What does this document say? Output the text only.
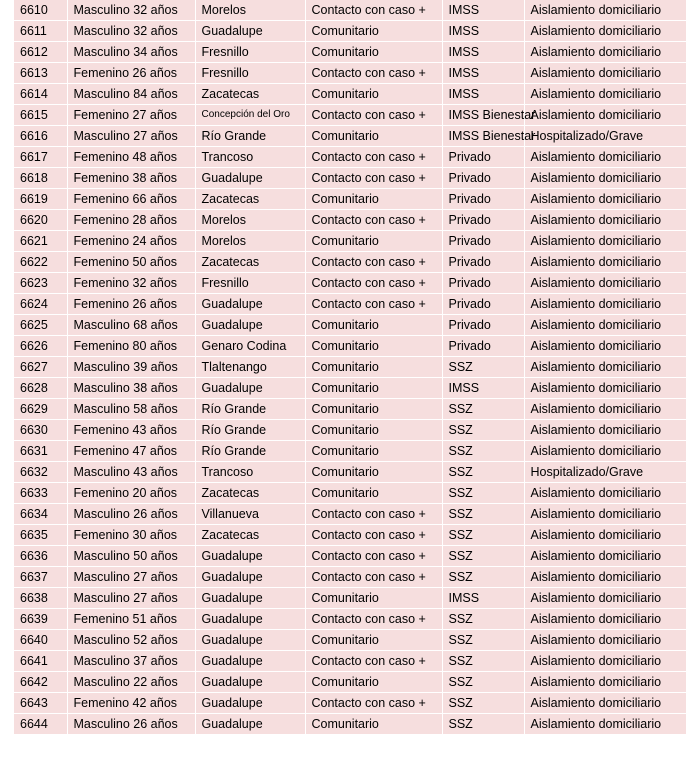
6610	Masculino 32 años	Morelos	Contacto con caso +	IMSS	Aislamiento domiciliario
6611	Masculino 32 años	Guadalupe	Comunitario	IMSS	Aislamiento domiciliario
6612	Masculino 34 años	Fresnillo	Comunitario	IMSS	Aislamiento domiciliario
6613	Femenino 26 años	Fresnillo	Contacto con caso +	IMSS	Aislamiento domiciliario
6614	Masculino 84 años	Zacatecas	Comunitario	IMSS	Aislamiento domiciliario
6615	Femenino 27 años	Concepción del Oro	Contacto con caso +	IMSS Bienestar	Aislamiento domiciliario
6616	Masculino 27 años	Río Grande	Comunitario	IMSS Bienestar	Hospitalizado/Grave
6617	Femenino 48 años	Trancoso	Contacto con caso +	Privado	Aislamiento domiciliario
6618	Femenino 38 años	Guadalupe	Contacto con caso +	Privado	Aislamiento domiciliario
6619	Femenino 66 años	Zacatecas	Comunitario	Privado	Aislamiento domiciliario
6620	Femenino 28 años	Morelos	Contacto con caso +	Privado	Aislamiento domiciliario
6621	Femenino 24 años	Morelos	Comunitario	Privado	Aislamiento domiciliario
6622	Femenino 50 años	Zacatecas	Contacto con caso +	Privado	Aislamiento domiciliario
6623	Femenino 32 años	Fresnillo	Contacto con caso +	Privado	Aislamiento domiciliario
6624	Femenino 26 años	Guadalupe	Contacto con caso +	Privado	Aislamiento domiciliario
6625	Masculino 68 años	Guadalupe	Comunitario	Privado	Aislamiento domiciliario
6626	Femenino 80 años	Genaro Codina	Comunitario	Privado	Aislamiento domiciliario
6627	Masculino 39 años	Tlaltenango	Comunitario	SSZ	Aislamiento domiciliario
6628	Masculino 38 años	Guadalupe	Comunitario	IMSS	Aislamiento domiciliario
6629	Masculino 58 años	Río Grande	Comunitario	SSZ	Aislamiento domiciliario
6630	Femenino 43 años	Río Grande	Comunitario	SSZ	Aislamiento domiciliario
6631	Femenino 47 años	Río Grande	Comunitario	SSZ	Aislamiento domiciliario
6632	Masculino 43 años	Trancoso	Comunitario	SSZ	Hospitalizado/Grave
6633	Femenino 20 años	Zacatecas	Comunitario	SSZ	Aislamiento domiciliario
6634	Masculino 26 años	Villanueva	Contacto con caso +	SSZ	Aislamiento domiciliario
6635	Femenino 30 años	Zacatecas	Contacto con caso +	SSZ	Aislamiento domiciliario
6636	Masculino 50 años	Guadalupe	Contacto con caso +	SSZ	Aislamiento domiciliario
6637	Masculino 27 años	Guadalupe	Contacto con caso +	SSZ	Aislamiento domiciliario
6638	Masculino 27 años	Guadalupe	Comunitario	IMSS	Aislamiento domiciliario
6639	Femenino 51 años	Guadalupe	Contacto con caso +	SSZ	Aislamiento domiciliario
6640	Masculino 52 años	Guadalupe	Comunitario	SSZ	Aislamiento domiciliario
6641	Masculino 37 años	Guadalupe	Contacto con caso +	SSZ	Aislamiento domiciliario
6642	Masculino 22 años	Guadalupe	Comunitario	SSZ	Aislamiento domiciliario
6643	Femenino 42 años	Guadalupe	Contacto con caso +	SSZ	Aislamiento domiciliario
6644	Masculino 26 años	Guadalupe	Comunitario	SSZ	Aislamiento domiciliario
